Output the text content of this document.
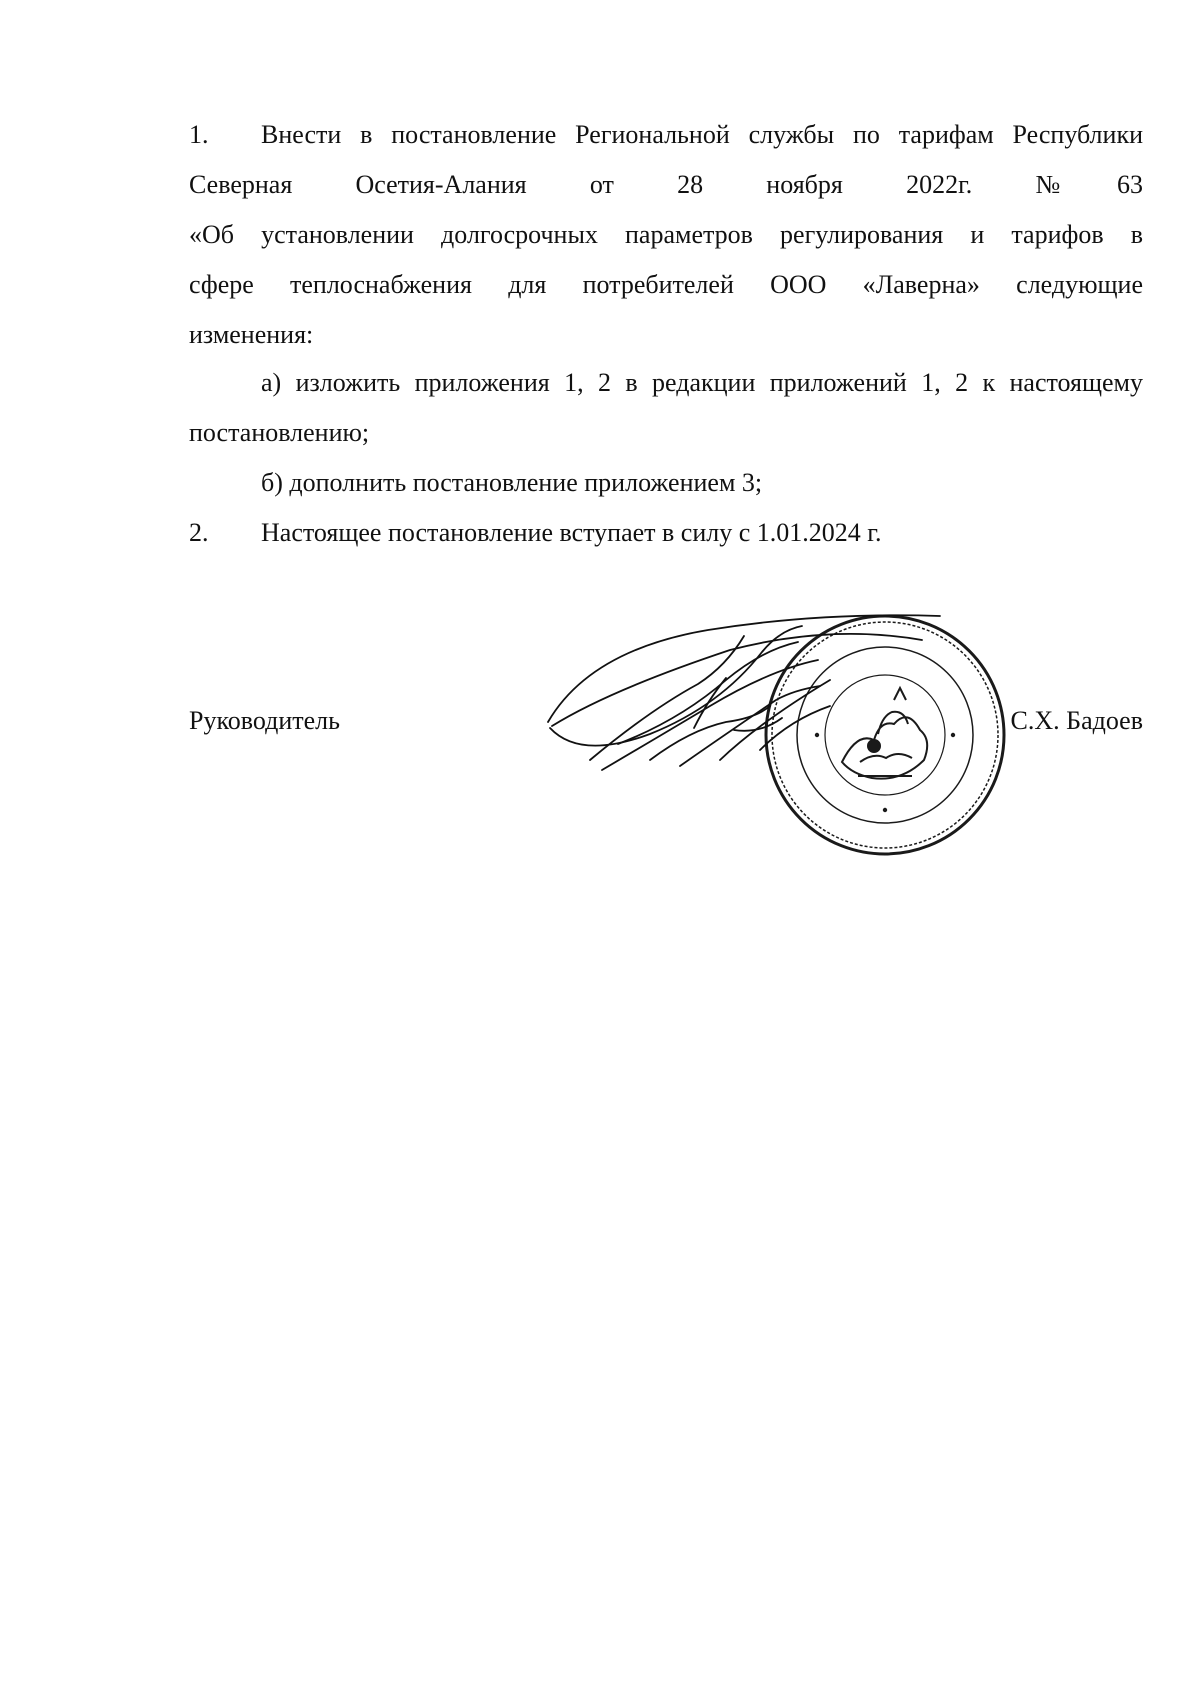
1. Внести в постановление Региональной службы по тарифам Республики
Северная Осетия-Алания от 28 ноября 2022г. №63
«Об установлении долгосрочных параметров регулирования и тарифов в
сфере теплоснабжения для потребителей ООО «Лаверна» следующие
изменения:
а) изложить приложения 1, 2 в редакции приложений 1, 2 к настоящему
постановлению;
б) дополнить постановление приложением 3;
2. Настоящее постановление вступает в силу с 1.01.2024 г.
Руководитель	С.Х. Бадоев
